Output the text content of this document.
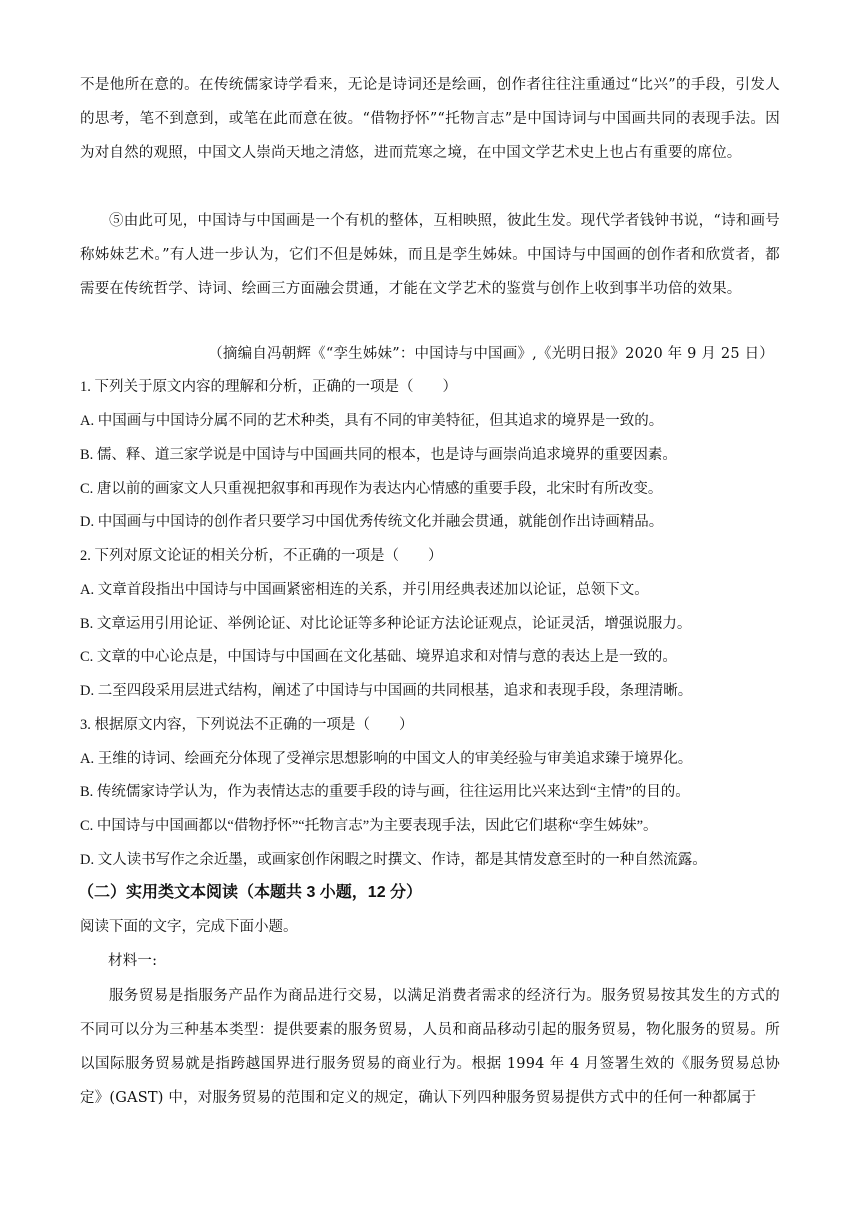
不是他所在意的。在传统儒家诗学看来，无论是诗词还是绘画，创作者往往注重通过“比兴”的手段，引发人的思考，笔不到意到，或笔在此而意在彼。“借物抒怀”“托物言志”是中国诗词与中国画共同的表现手法。因为对自然的观照，中国文人崇尚天地之清悠，进而荒寒之境，在中国文学艺术史上也占有重要的席位。
⑤由此可见，中国诗与中国画是一个有机的整体，互相映照，彼此生发。现代学者钱钟书说，“诗和画号称姊妹艺术。”有人进一步认为，它们不但是姊妹，而且是孪生姊妹。中国诗与中国画的创作者和欣赏者，都需要在传统哲学、诗词、绘画三方面融会贯通，才能在文学艺术的鉴赏与创作上收到事半功倍的效果。
（摘编自冯朝辉《“孪生姊妹”：中国诗与中国画》,《光明日报》2020 年 9 月 25 日）
1. 下列关于原文内容的理解和分析，正确的一项是（　　）
A. 中国画与中国诗分属不同的艺术种类，具有不同的审美特征，但其追求的境界是一致的。
B. 儒、释、道三家学说是中国诗与中国画共同的根本，也是诗与画崇尚追求境界的重要因素。
C. 唐以前的画家文人只重视把叙事和再现作为表达内心情感的重要手段，北宋时有所改变。
D. 中国画与中国诗的创作者只要学习中国优秀传统文化并融会贯通，就能创作出诗画精品。
2. 下列对原文论证的相关分析，不正确的一项是（　　）
A. 文章首段指出中国诗与中国画紧密相连的关系，并引用经典表述加以论证，总领下文。
B. 文章运用引用论证、举例论证、对比论证等多种论证方法论证观点，论证灵活，增强说服力。
C. 文章的中心论点是，中国诗与中国画在文化基础、境界追求和对情与意的表达上是一致的。
D. 二至四段采用层进式结构，阐述了中国诗与中国画的共同根基，追求和表现手段，条理清晰。
3. 根据原文内容，下列说法不正确的一项是（　　）
A. 王维的诗词、绘画充分体现了受禅宗思想影响的中国文人的审美经验与审美追求臻于境界化。
B. 传统儒家诗学认为，作为表情达志的重要手段的诗与画，往往运用比兴来达到“主情”的目的。
C. 中国诗与中国画都以“借物抒怀”“托物言志”为主要表现手法，因此它们堪称“孪生姊妹”。
D. 文人读书写作之余近墨，或画家创作闲暇之时撰文、作诗，都是其情发意至时的一种自然流露。
（二）实用类文本阅读（本题共 3 小题，12 分）
阅读下面的文字，完成下面小题。
材料一:
服务贸易是指服务产品作为商品进行交易，以满足消费者需求的经济行为。服务贸易按其发生的方式的不同可以分为三种基本类型：提供要素的服务贸易，人员和商品移动引起的服务贸易，物化服务的贸易。所以国际服务贸易就是指跨越国界进行服务贸易的商业行为。根据 1994 年 4 月签署生效的《服务贸易总协定》(GAST) 中，对服务贸易的范围和定义的规定，确认下列四种服务贸易提供方式中的任何一种都属于
